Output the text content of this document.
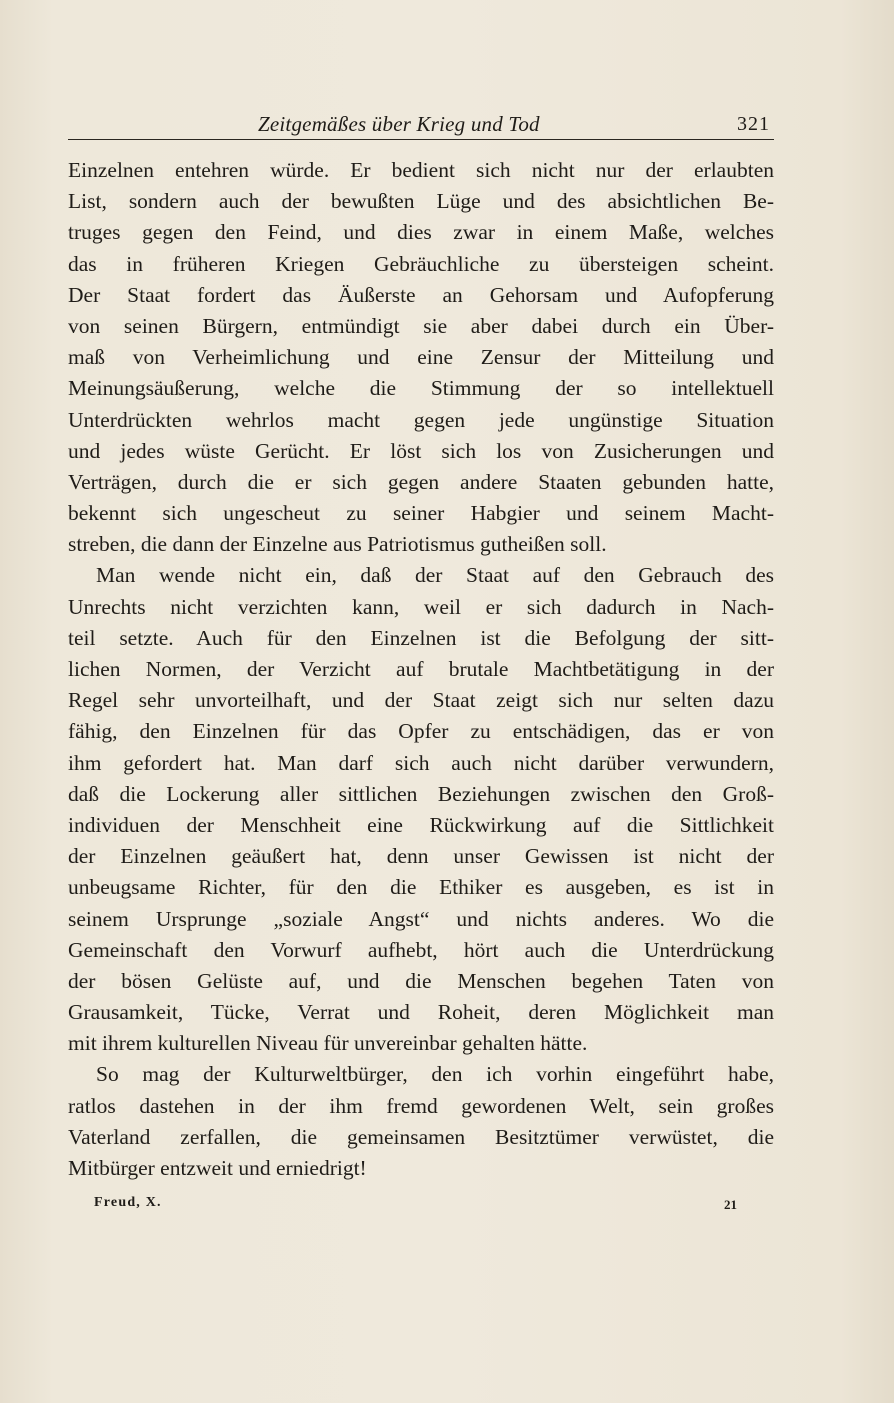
Zeitgemäßes über Krieg und Tod	321
Einzelnen entehren würde. Er bedient sich nicht nur der erlaubten
List, sondern auch der bewußten Lüge und des absichtlichen Be-
truges gegen den Feind, und dies zwar in einem Maße, welches
das in früheren Kriegen Gebräuchliche zu übersteigen scheint.
Der Staat fordert das Äußerste an Gehorsam und Aufopferung
von seinen Bürgern, entmündigt sie aber dabei durch ein Über-
maß von Verheimlichung und eine Zensur der Mitteilung und
Meinungsäußerung, welche die Stimmung der so intellektuell
Unterdrückten wehrlos macht gegen jede ungünstige Situation
und jedes wüste Gerücht. Er löst sich los von Zusicherungen und
Verträgen, durch die er sich gegen andere Staaten gebunden hatte,
bekennt sich ungescheut zu seiner Habgier und seinem Macht-
streben, die dann der Einzelne aus Patriotismus gutheißen soll.
Man wende nicht ein, daß der Staat auf den Gebrauch des
Unrechts nicht verzichten kann, weil er sich dadurch in Nach-
teil setzte. Auch für den Einzelnen ist die Befolgung der sitt-
lichen Normen, der Verzicht auf brutale Machtbetätigung in der
Regel sehr unvorteilhaft, und der Staat zeigt sich nur selten dazu
fähig, den Einzelnen für das Opfer zu entschädigen, das er von
ihm gefordert hat. Man darf sich auch nicht darüber verwundern,
daß die Lockerung aller sittlichen Beziehungen zwischen den Groß-
individuen der Menschheit eine Rückwirkung auf die Sittlichkeit
der Einzelnen geäußert hat, denn unser Gewissen ist nicht der
unbeugsame Richter, für den die Ethiker es ausgeben, es ist in
seinem Ursprunge „soziale Angst“ und nichts anderes. Wo die
Gemeinschaft den Vorwurf aufhebt, hört auch die Unterdrückung
der bösen Gelüste auf, und die Menschen begehen Taten von
Grausamkeit, Tücke, Verrat und Roheit, deren Möglichkeit man
mit ihrem kulturellen Niveau für unvereinbar gehalten hätte.
So mag der Kulturweltbürger, den ich vorhin eingeführt habe,
ratlos dastehen in der ihm fremd gewordenen Welt, sein großes
Vaterland zerfallen, die gemeinsamen Besitztümer verwüstet, die
Mitbürger entzweit und erniedrigt!
Freud, X.	21
